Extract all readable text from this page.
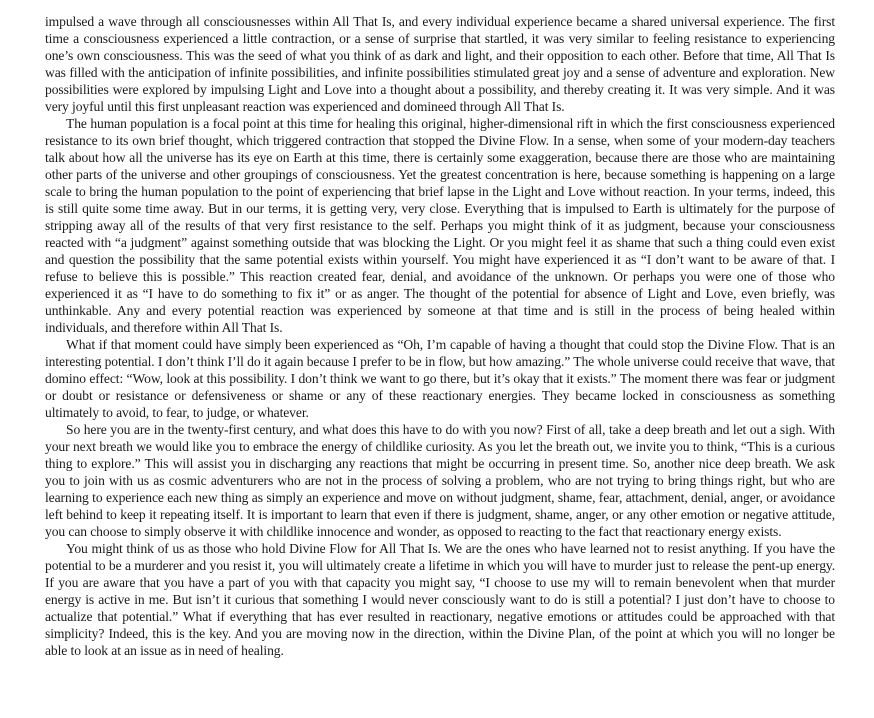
impulsed a wave through all consciousnesses within All That Is, and every individual experience became a shared universal experience. The first time a consciousness experienced a little contraction, or a sense of surprise that startled, it was very similar to feeling resistance to experiencing one’s own consciousness. This was the seed of what you think of as dark and light, and their opposition to each other. Before that time, All That Is was filled with the anticipation of infinite possibilities, and infinite possibilities stimulated great joy and a sense of adventure and exploration. New possibilities were explored by impulsing Light and Love into a thought about a possibility, and thereby creating it. It was very simple. And it was very joyful until this first unpleasant reaction was experienced and domineed through All That Is.

The human population is a focal point at this time for healing this original, higher-dimensional rift in which the first consciousness experienced resistance to its own brief thought, which triggered contraction that stopped the Divine Flow. In a sense, when some of your modern-day teachers talk about how all the universe has its eye on Earth at this time, there is certainly some exaggeration, because there are those who are maintaining other parts of the universe and other groupings of consciousness. Yet the greatest concentration is here, because something is happening on a large scale to bring the human population to the point of experiencing that brief lapse in the Light and Love without reaction. In your terms, indeed, this is still quite some time away. But in our terms, it is getting very, very close. Everything that is impulsed to Earth is ultimately for the purpose of stripping away all of the results of that very first resistance to the self. Perhaps you might think of it as judgment, because your consciousness reacted with “a judgment” against something outside that was blocking the Light. Or you might feel it as shame that such a thing could even exist and question the possibility that the same potential exists within yourself. You might have experienced it as “I don’t want to be aware of that. I refuse to believe this is possible.” This reaction created fear, denial, and avoidance of the unknown. Or perhaps you were one of those who experienced it as “I have to do something to fix it” or as anger. The thought of the potential for absence of Light and Love, even briefly, was unthinkable. Any and every potential reaction was experienced by someone at that time and is still in the process of being healed within individuals, and therefore within All That Is.

What if that moment could have simply been experienced as “Oh, I’m capable of having a thought that could stop the Divine Flow. That is an interesting potential. I don’t think I’ll do it again because I prefer to be in flow, but how amazing.” The whole universe could receive that wave, that domino effect: “Wow, look at this possibility. I don’t think we want to go there, but it’s okay that it exists.” The moment there was fear or judgment or doubt or resistance or defensiveness or shame or any of these reactionary energies. They became locked in consciousness as something ultimately to avoid, to fear, to judge, or whatever.

So here you are in the twenty-first century, and what does this have to do with you now? First of all, take a deep breath and let out a sigh. With your next breath we would like you to embrace the energy of childlike curiosity. As you let the breath out, we invite you to think, “This is a curious thing to explore.” This will assist you in discharging any reactions that might be occurring in present time. So, another nice deep breath. We ask you to join with us as cosmic adventurers who are not in the process of solving a problem, who are not trying to bring things right, but who are learning to experience each new thing as simply an experience and move on without judgment, shame, fear, attachment, denial, anger, or avoidance left behind to keep it repeating itself. It is important to learn that even if there is judgment, shame, anger, or any other emotion or negative attitude, you can choose to simply observe it with childlike innocence and wonder, as opposed to reacting to the fact that reactionary energy exists.

You might think of us as those who hold Divine Flow for All That Is. We are the ones who have learned not to resist anything. If you have the potential to be a murderer and you resist it, you will ultimately create a lifetime in which you will have to murder just to release the pent-up energy. If you are aware that you have a part of you with that capacity you might say, “I choose to use my will to remain benevolent when that murder energy is active in me. But isn’t it curious that something I would never consciously want to do is still a potential? I just don’t have to choose to actualize that potential.” What if everything that has ever resulted in reactionary, negative emotions or attitudes could be approached with that simplicity? Indeed, this is the key. And you are moving now in the direction, within the Divine Plan, of the point at which you will no longer be able to look at an issue as in need of healing.
